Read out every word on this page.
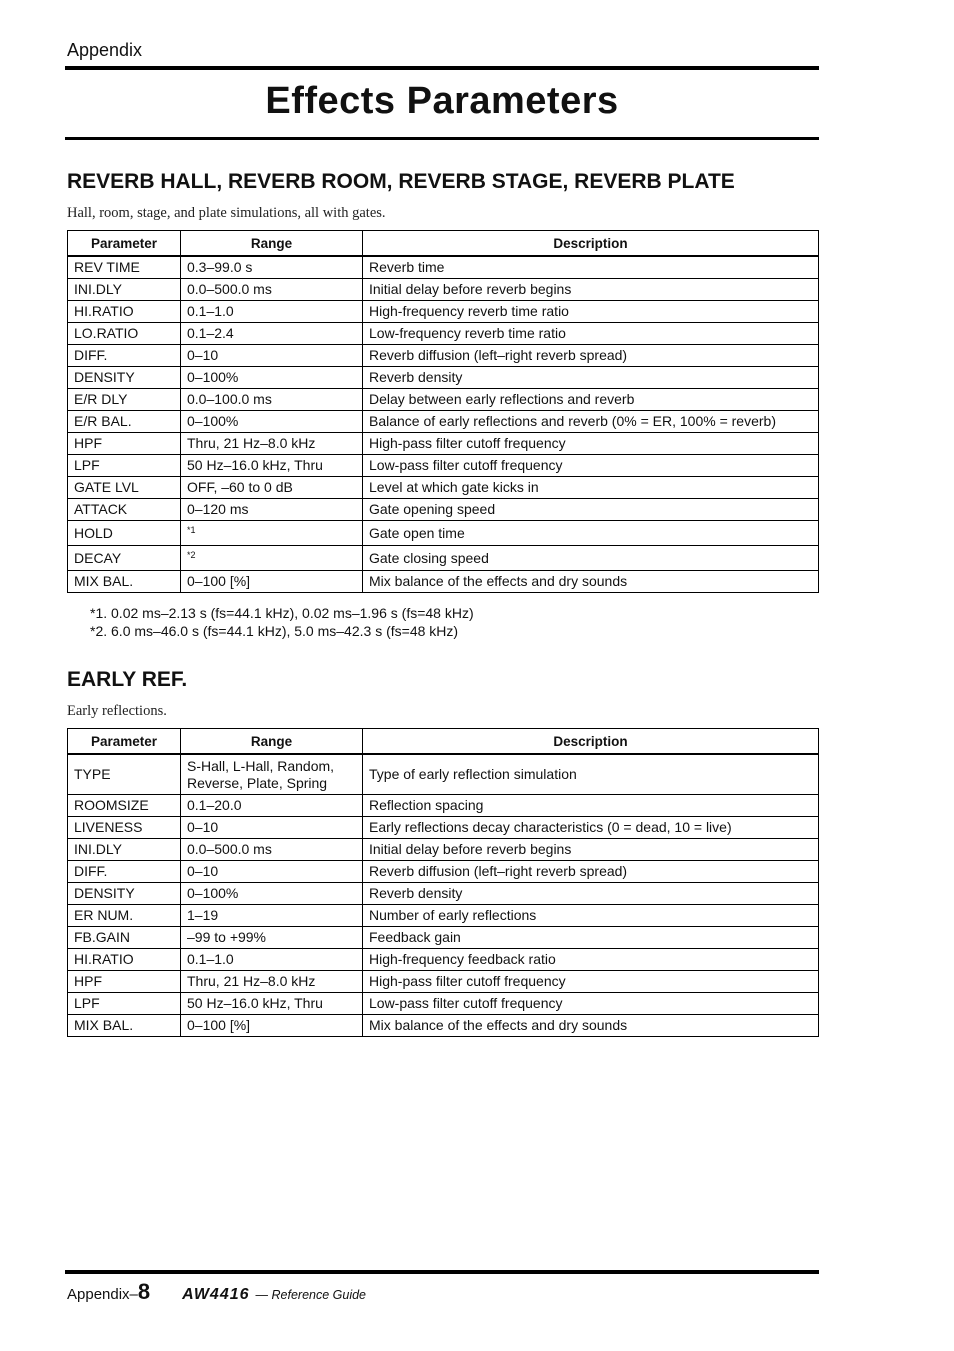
Appendix
Effects Parameters
REVERB HALL, REVERB ROOM, REVERB STAGE, REVERB PLATE
Hall, room, stage, and plate simulations, all with gates.
Parameter	Range	Description
REV TIME	0.3–99.0 s	Reverb time
INI.DLY	0.0–500.0 ms	Initial delay before reverb begins
HI.RATIO	0.1–1.0	High-frequency reverb time ratio
LO.RATIO	0.1–2.4	Low-frequency reverb time ratio
DIFF.	0–10	Reverb diffusion (left–right reverb spread)
DENSITY	0–100%	Reverb density
E/R DLY	0.0–100.0 ms	Delay between early reflections and reverb
E/R BAL.	0–100%	Balance of early reflections and reverb (0% = ER, 100% = reverb)
HPF	Thru, 21 Hz–8.0 kHz	High-pass filter cutoff frequency
LPF	50 Hz–16.0 kHz, Thru	Low-pass filter cutoff frequency
GATE LVL	OFF, –60 to 0 dB	Level at which gate kicks in
ATTACK	0–120 ms	Gate opening speed
HOLD	$^{*1}$	Gate open time
DECAY	$^{*2}$	Gate closing speed
MIX BAL.	0–100 [%]	Mix balance of the effects and dry sounds
*1. 0.02 ms–2.13 s (fs=44.1 kHz), 0.02 ms–1.96 s (fs=48 kHz)
*2. 6.0 ms–46.0 s (fs=44.1 kHz), 5.0 ms–42.3 s (fs=48 kHz)
EARLY REF.
Early reflections.
Parameter	Range	Description
TYPE	S-Hall, L-Hall, Random, Reverse, Plate, Spring	Type of early reflection simulation
ROOMSIZE	0.1–20.0	Reflection spacing
LIVENESS	0–10	Early reflections decay characteristics (0 = dead, 10 = live)
INI.DLY	0.0–500.0 ms	Initial delay before reverb begins
DIFF.	0–10	Reverb diffusion (left–right reverb spread)
DENSITY	0–100%	Reverb density
ER NUM.	1–19	Number of early reflections
FB.GAIN	–99 to +99%	Feedback gain
HI.RATIO	0.1–1.0	High-frequency feedback ratio
HPF	Thru, 21 Hz–8.0 kHz	High-pass filter cutoff frequency
LPF	50 Hz–16.0 kHz, Thru	Low-pass filter cutoff frequency
MIX BAL.	0–100 [%]	Mix balance of the effects and dry sounds
Appendix– 8 AW4416 — Reference Guide
